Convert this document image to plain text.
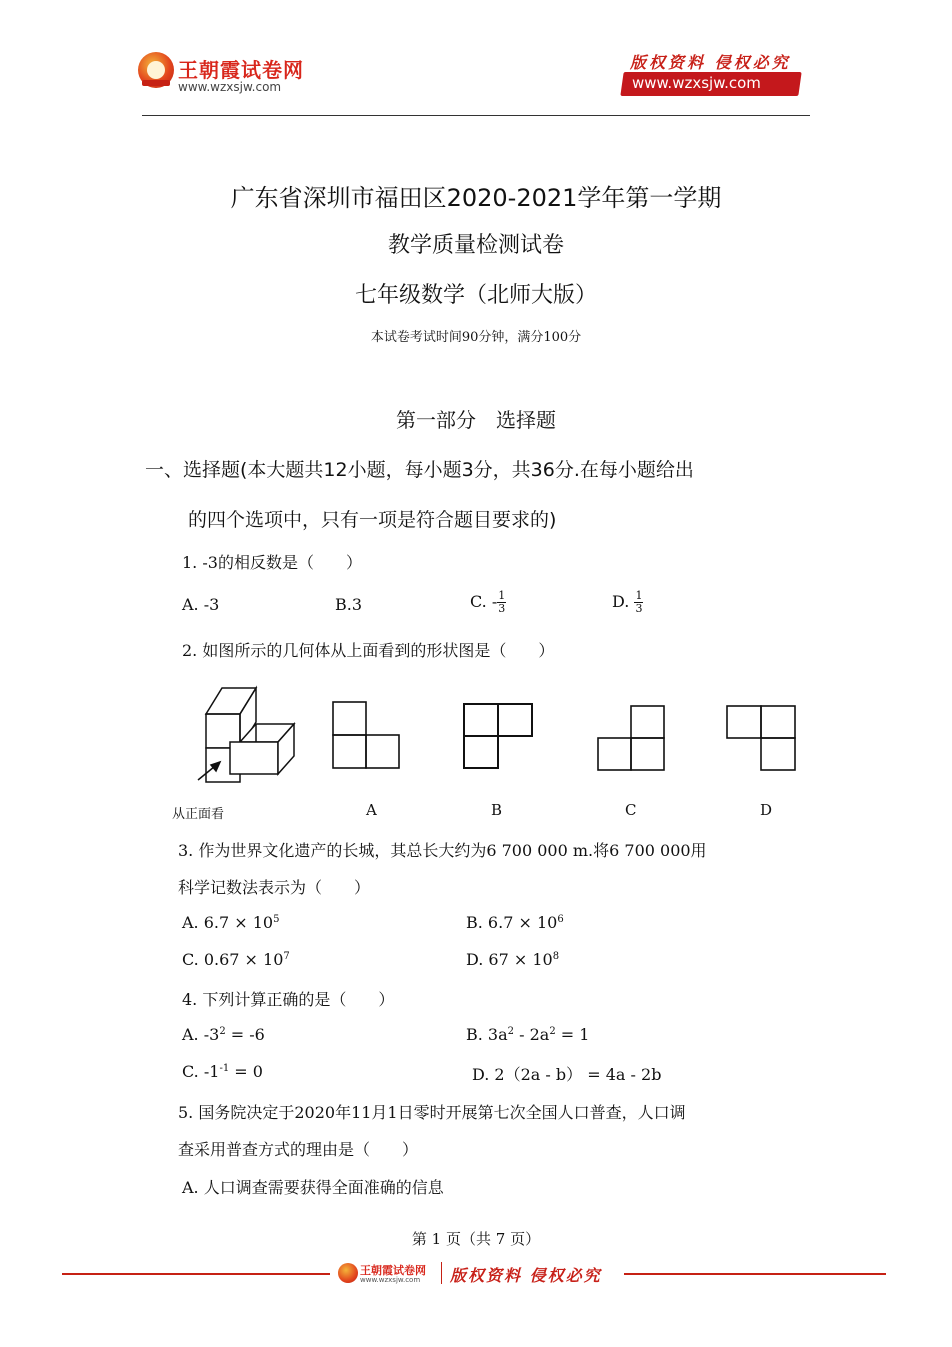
王朝霞试卷网
www.wzxsjw.com
版权资料 侵权必究
www.wzxsjw.com
广东省深圳市福田区2020-2021学年第一学期
教学质量检测试卷
七年级数学（北师大版）
本试卷考试时间90分钟，满分100分
第一部分　选择题
一、选择题(本大题共12小题，每小题3分，共36分.在每小题给出
的四个选项中，只有一项是符合题目要求的)
1. -3的相反数是（　　）
A. -3	B.3	C. - $\frac{1}{3}$	D. $\frac{1}{3}$
2. 如图所示的几何体从上面看到的形状图是（　　）
从正面看	A	B	C	D
3. 作为世界文化遗产的长城，其总长大约为6 700 000 m.将6 700 000用
科学记数法表示为（　　）
A. $6.7 \times 10^5$	B. $6.7 \times 10^6$
C. $0.67 \times 10^7$	D. $67 \times 10^8$
4. 下列计算正确的是（　　）
A. $-3^2 = -6$	B. $3a^2 - 2a^2 = 1$
C. $-1^{-1} = 0$	D. 2（2a - b） = 4a - 2b
5. 国务院决定于2020年11月1日零时开展第七次全国人口普查，人口调
查采用普查方式的理由是（　　）
A. 人口调查需要获得全面准确的信息
第 1 页（共 7 页）
王朝霞试卷网
www.wzxsjw.com 版权资料 侵权必究
